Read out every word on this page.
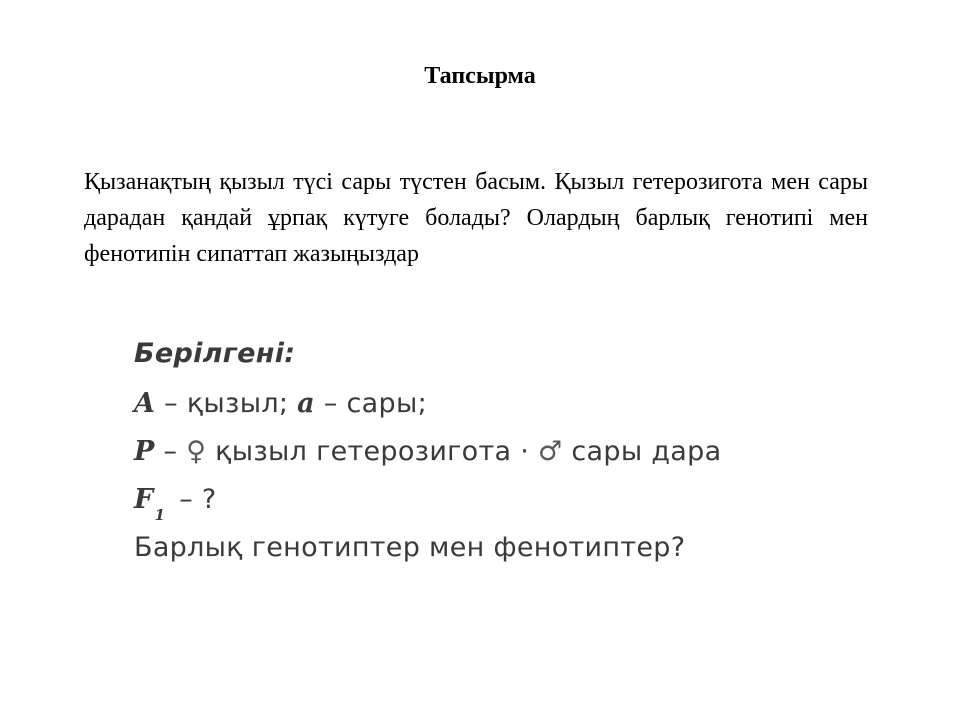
Тапсырма

Қызанақтың қызыл түсі сары түстен басым. Қызыл гетерозигота мен сары дарадан қандай ұрпақ күтуге болады? Олардың барлық генотипі мен фенотипін сипаттап жазыңыздар

Берілгені:
A – қызыл; a – сары;
P – ♀ қызыл гетерозигота · ♂ сары дара
$F_1$ – ?
Барлық генотиптер мен фенотиптер?
